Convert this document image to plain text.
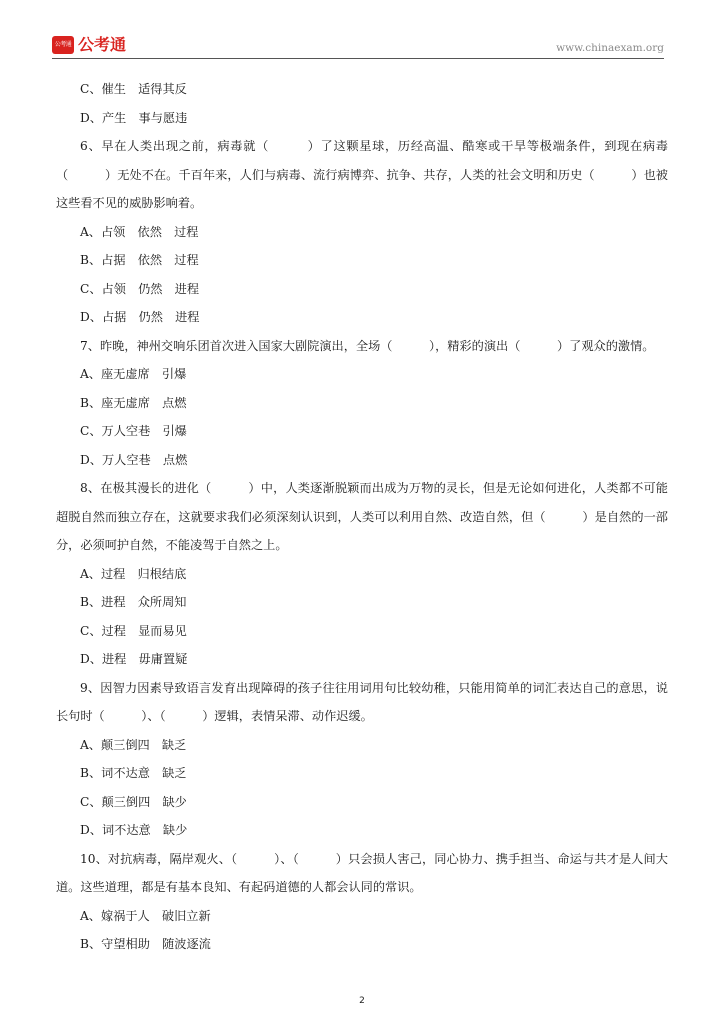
公考通 公考通	www.chinaexam.org
C、催生　适得其反
D、产生　事与愿违
6、早在人类出现之前，病毒就（　　　）了这颗星球，历经高温、酷寒或干旱等极端条件，到现在病毒（　　　）无处不在。千百年来，人们与病毒、流行病博弈、抗争、共存，人类的社会文明和历史（　　　）也被这些看不见的威胁影响着。
A、占领　依然　过程
B、占据　依然　过程
C、占领　仍然　进程
D、占据　仍然　进程
7、昨晚，神州交响乐团首次进入国家大剧院演出，全场（　　　），精彩的演出（　　　）了观众的激情。
A、座无虚席　引爆
B、座无虚席　点燃
C、万人空巷　引爆
D、万人空巷　点燃
8、在极其漫长的进化（　　　）中，人类逐渐脱颖而出成为万物的灵长，但是无论如何进化，人类都不可能超脱自然而独立存在，这就要求我们必须深刻认识到，人类可以利用自然、改造自然，但（　　　）是自然的一部分，必须呵护自然，不能凌驾于自然之上。
A、过程　归根结底
B、进程　众所周知
C、过程　显而易见
D、进程　毋庸置疑
9、因智力因素导致语言发育出现障碍的孩子往往用词用句比较幼稚，只能用简单的词汇表达自己的意思，说长句时（　　　）、（　　　）逻辑，表情呆滞、动作迟缓。
A、颠三倒四　缺乏
B、词不达意　缺乏
C、颠三倒四　缺少
D、词不达意　缺少
10、对抗病毒，隔岸观火、（　　　）、（　　　）只会损人害己，同心协力、携手担当、命运与共才是人间大道。这些道理，都是有基本良知、有起码道德的人都会认同的常识。
A、嫁祸于人　破旧立新
B、守望相助　随波逐流
2
